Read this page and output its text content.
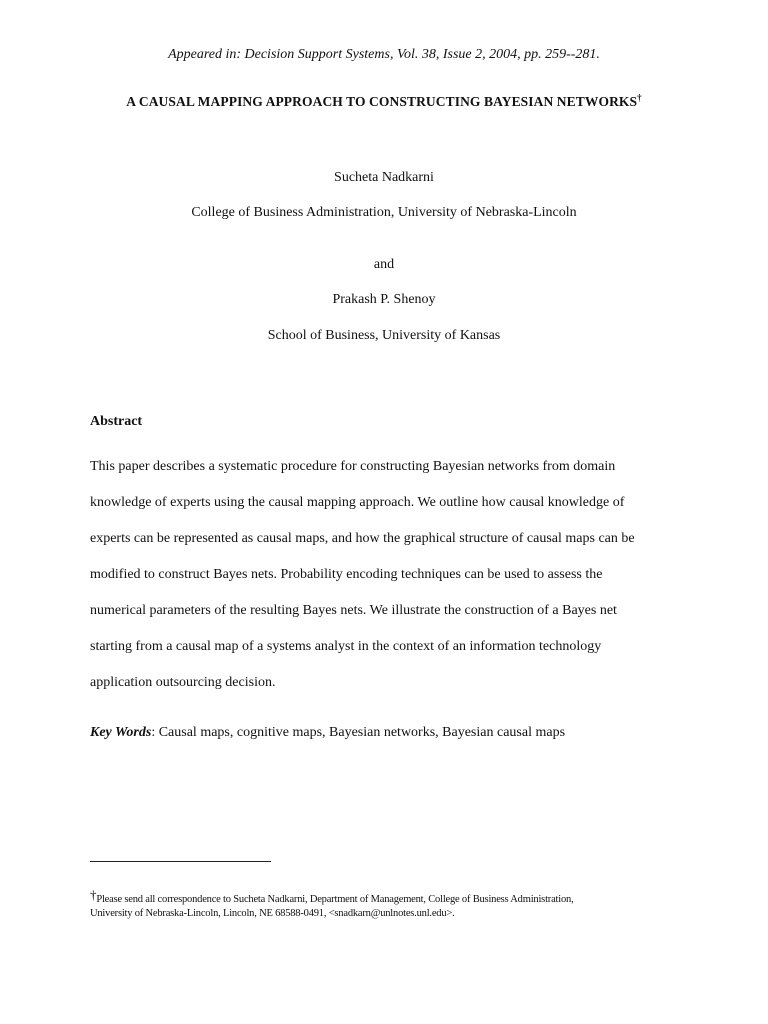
Appeared in: Decision Support Systems, Vol. 38, Issue 2, 2004, pp. 259--281.
A CAUSAL MAPPING APPROACH TO CONSTRUCTING BAYESIAN NETWORKS†
Sucheta Nadkarni
College of Business Administration, University of Nebraska-Lincoln
and
Prakash P. Shenoy
School of Business, University of Kansas
Abstract
This paper describes a systematic procedure for constructing Bayesian networks from domain
knowledge of experts using the causal mapping approach. We outline how causal knowledge of
experts can be represented as causal maps, and how the graphical structure of causal maps can be
modified to construct Bayes nets. Probability encoding techniques can be used to assess the
numerical parameters of the resulting Bayes nets. We illustrate the construction of a Bayes net
starting from a causal map of a systems analyst in the context of an information technology
application outsourcing decision.
Key Words: Causal maps, cognitive maps, Bayesian networks, Bayesian causal maps
†Please send all correspondence to Sucheta Nadkarni, Department of Management, College of Business Administration,
University of Nebraska-Lincoln, Lincoln, NE 68588-0491, <snadkarn@unlnotes.unl.edu>.
